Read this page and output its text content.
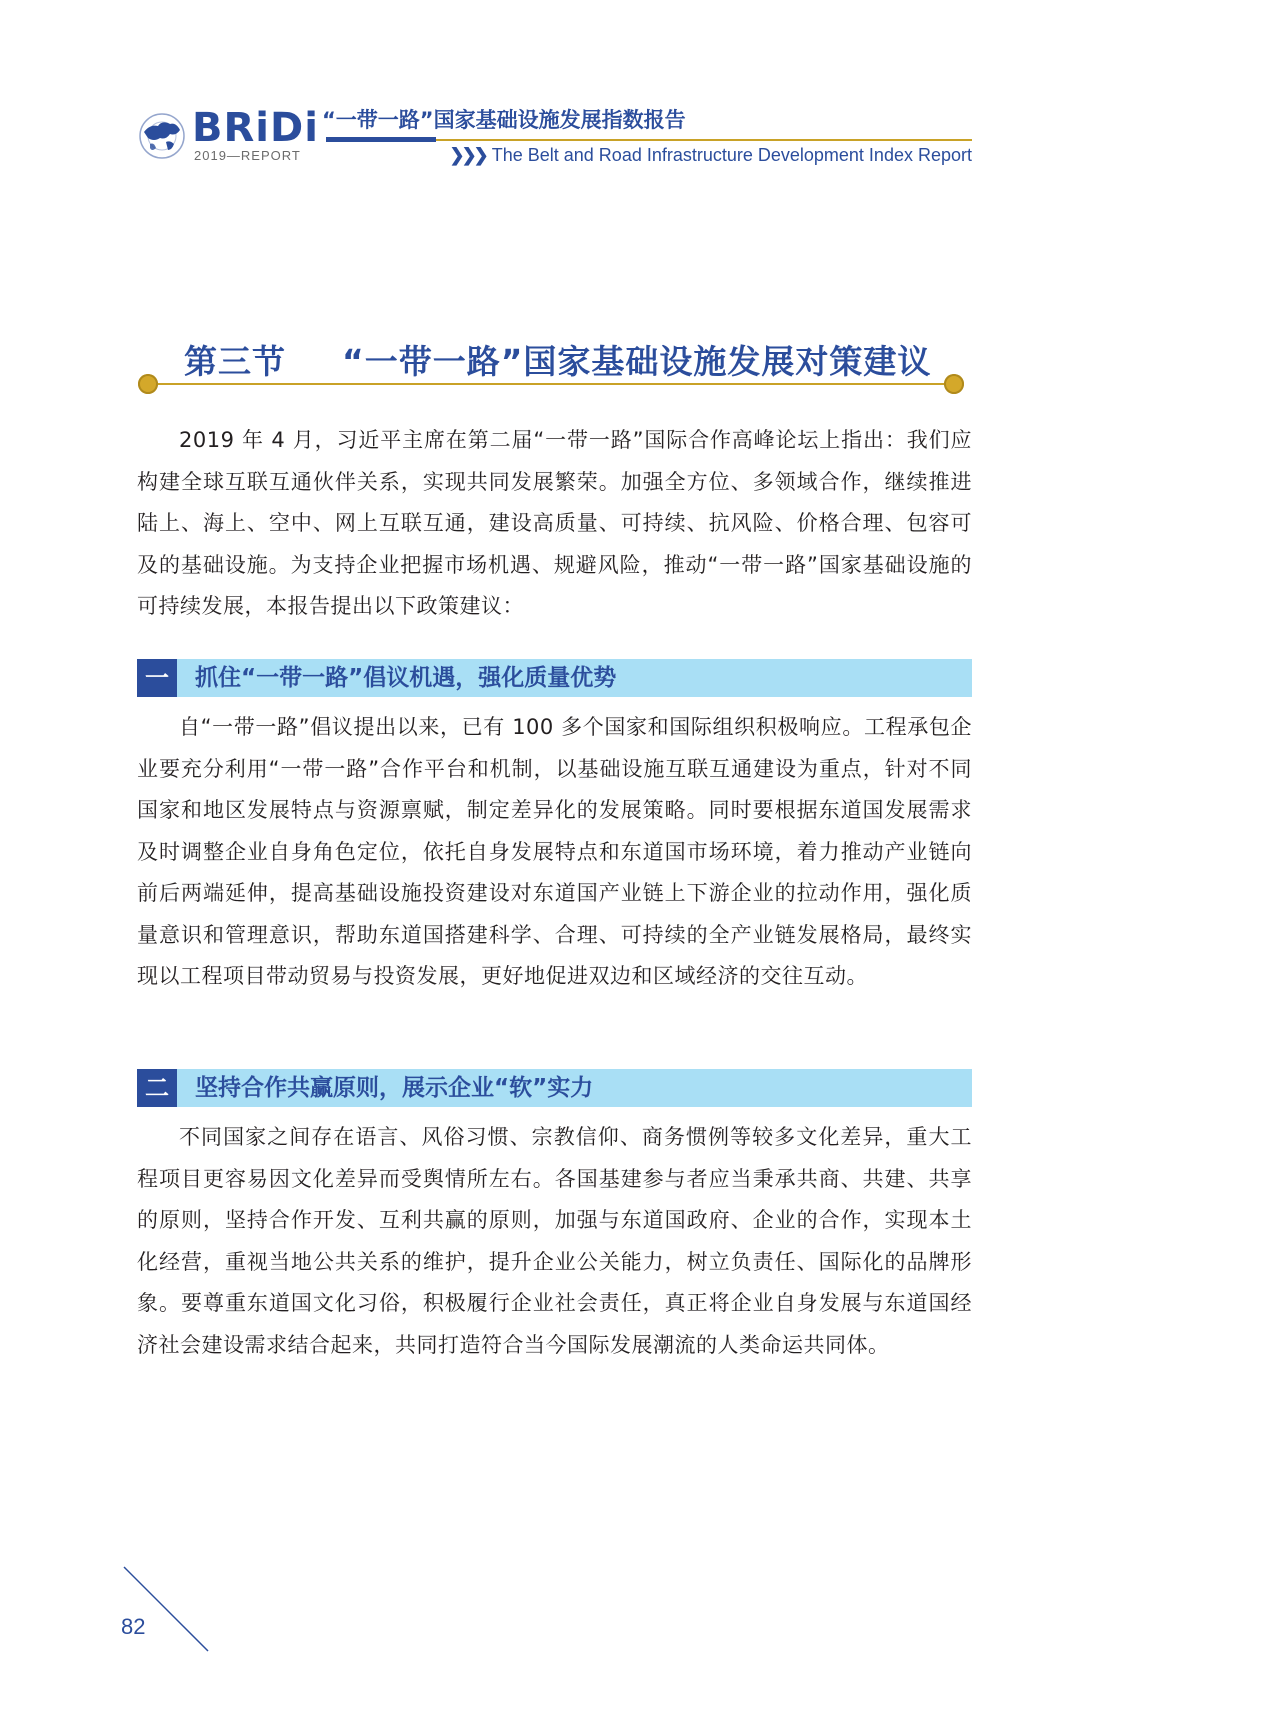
BRiDi
2019—REPORT
“一带一路”国家基础设施发展指数报告
❯❯❯ The Belt and Road Infrastructure Development Index Report
第三节 “一带一路”国家基础设施发展对策建议

2019 年 4 月，习近平主席在第二届“一带一路”国际合作高峰论坛上指出：我们应构建全球互联互通伙伴关系，实现共同发展繁荣。加强全方位、多领域合作，继续推进陆上、海上、空中、网上互联互通，建设高质量、可持续、抗风险、价格合理、包容可及的基础设施。为支持企业把握市场机遇、规避风险，推动“一带一路”国家基础设施的可持续发展，本报告提出以下政策建议：

一	抓住“一带一路”倡议机遇，强化质量优势

自“一带一路”倡议提出以来，已有 100 多个国家和国际组织积极响应。工程承包企业要充分利用“一带一路”合作平台和机制，以基础设施互联互通建设为重点，针对不同国家和地区发展特点与资源禀赋，制定差异化的发展策略。同时要根据东道国发展需求及时调整企业自身角色定位，依托自身发展特点和东道国市场环境，着力推动产业链向前后两端延伸，提高基础设施投资建设对东道国产业链上下游企业的拉动作用，强化质量意识和管理意识，帮助东道国搭建科学、合理、可持续的全产业链发展格局，最终实现以工程项目带动贸易与投资发展，更好地促进双边和区域经济的交往互动。

二	坚持合作共赢原则，展示企业“软”实力

不同国家之间存在语言、风俗习惯、宗教信仰、商务惯例等较多文化差异，重大工程项目更容易因文化差异而受舆情所左右。各国基建参与者应当秉承共商、共建、共享的原则，坚持合作开发、互利共赢的原则，加强与东道国政府、企业的合作，实现本土化经营，重视当地公共关系的维护，提升企业公关能力，树立负责任、国际化的品牌形象。要尊重东道国文化习俗，积极履行企业社会责任，真正将企业自身发展与东道国经济社会建设需求结合起来，共同打造符合当今国际发展潮流的人类命运共同体。

82
